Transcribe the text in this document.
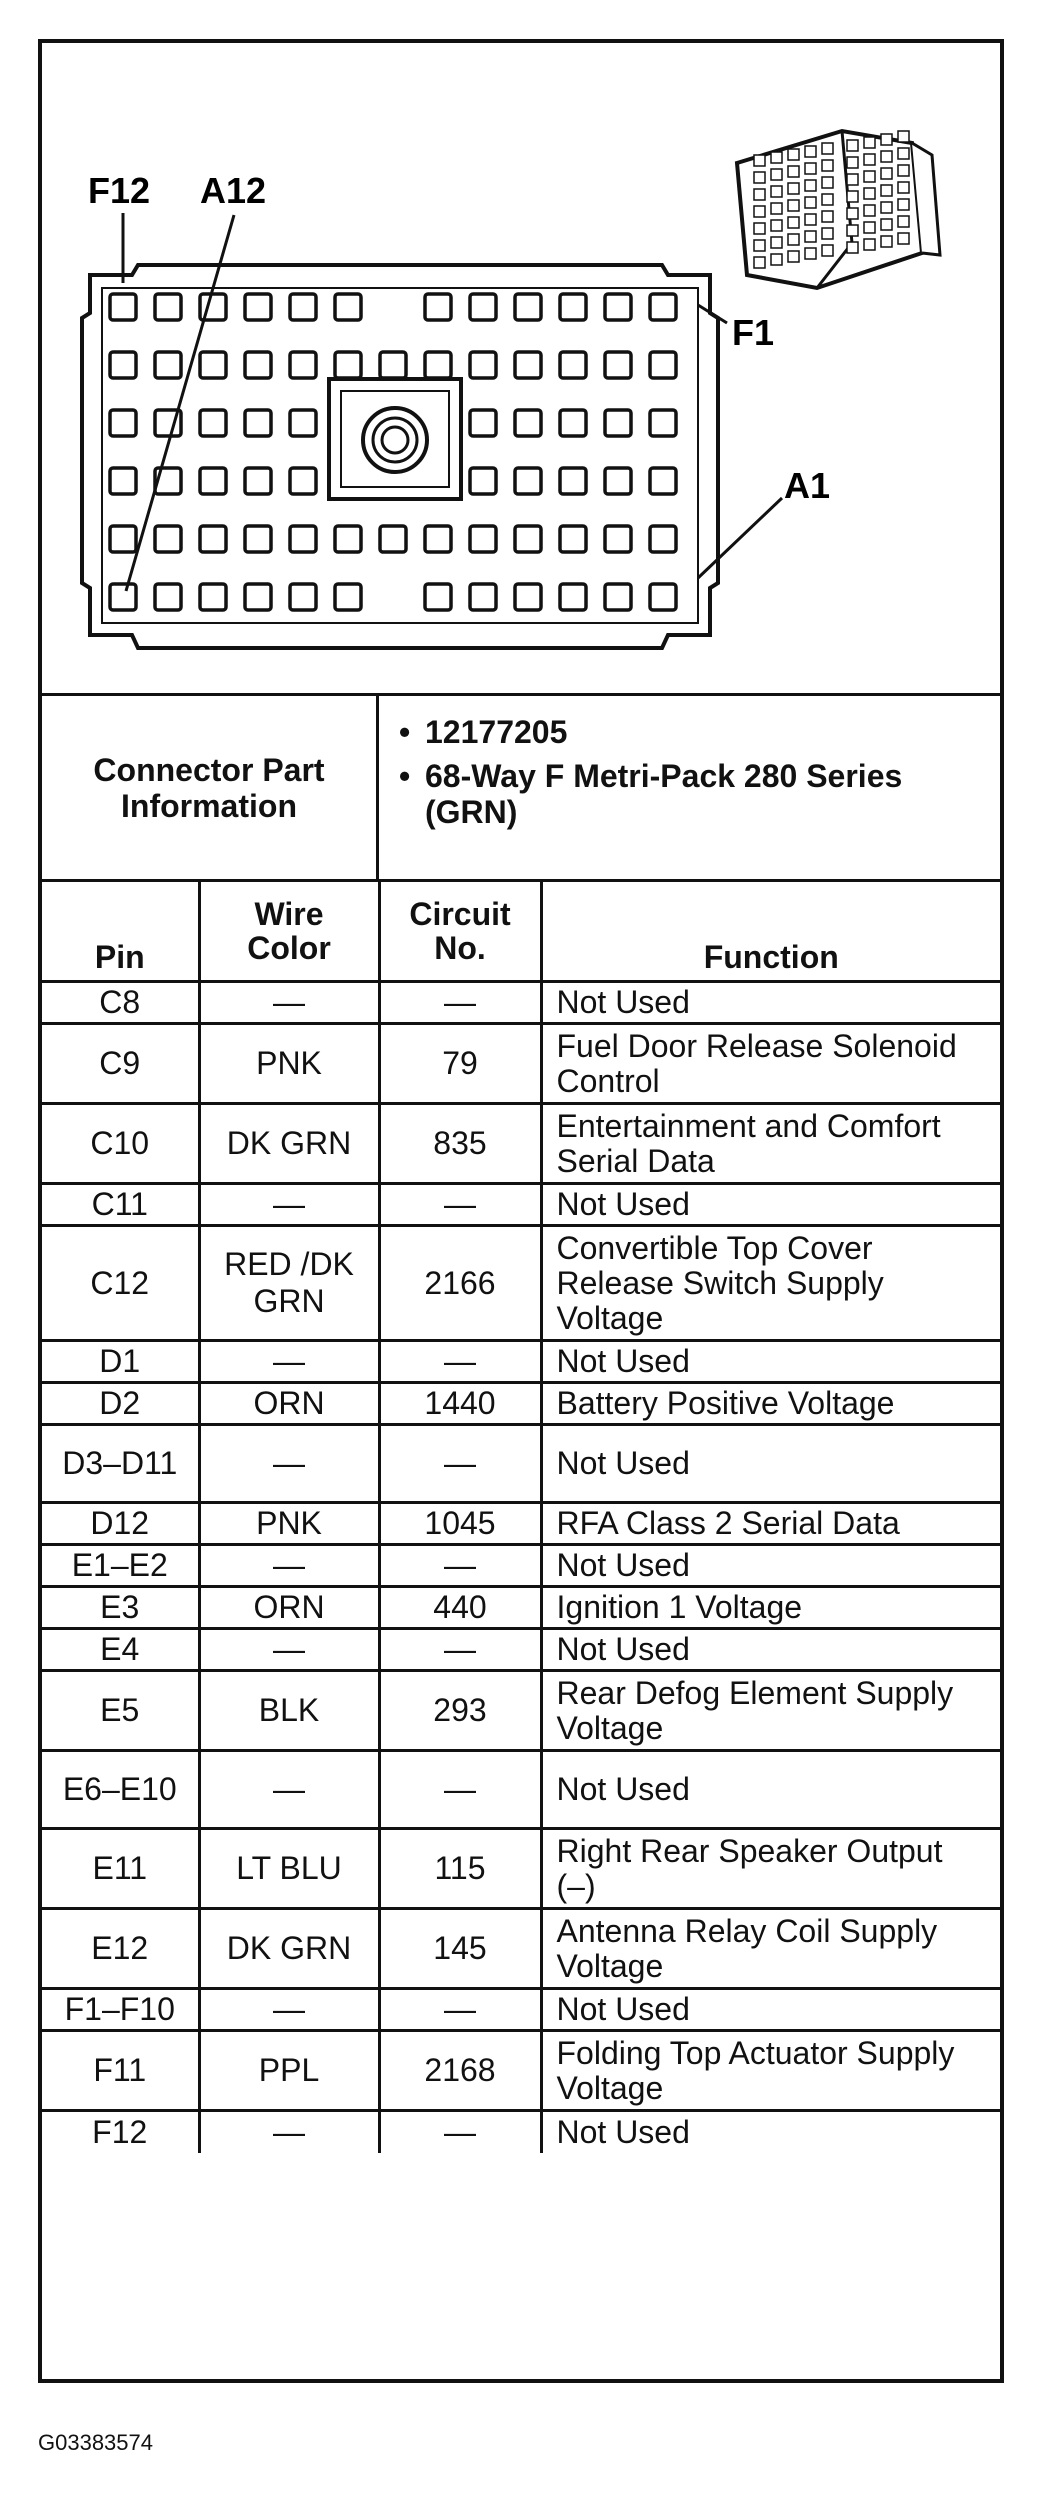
F12 A12
F1
A1
Connector Part Information
• 12177205
• 68-Way F Metri-Pack 280 Series (GRN)
Pin	Wire Color	Circuit No.	Function
C8	—	—	Not Used
C9	PNK	79	Fuel Door Release Solenoid Control
C10	DK GRN	835	Entertainment and Comfort Serial Data
C11	—	—	Not Used
C12	RED /DK GRN	2166	Convertible Top Cover Release Switch Supply Voltage
D1	—	—	Not Used
D2	ORN	1440	Battery Positive Voltage
D3–D11	—	—	Not Used
D12	PNK	1045	RFA Class 2 Serial Data
E1–E2	—	—	Not Used
E3	ORN	440	Ignition 1 Voltage
E4	—	—	Not Used
E5	BLK	293	Rear Defog Element Supply Voltage
E6–E10	—	—	Not Used
E11	LT BLU	115	Right Rear Speaker Output (–)
E12	DK GRN	145	Antenna Relay Coil Supply Voltage
F1–F10	—	—	Not Used
F11	PPL	2168	Folding Top Actuator Supply Voltage
F12	—	—	Not Used
G03383574
